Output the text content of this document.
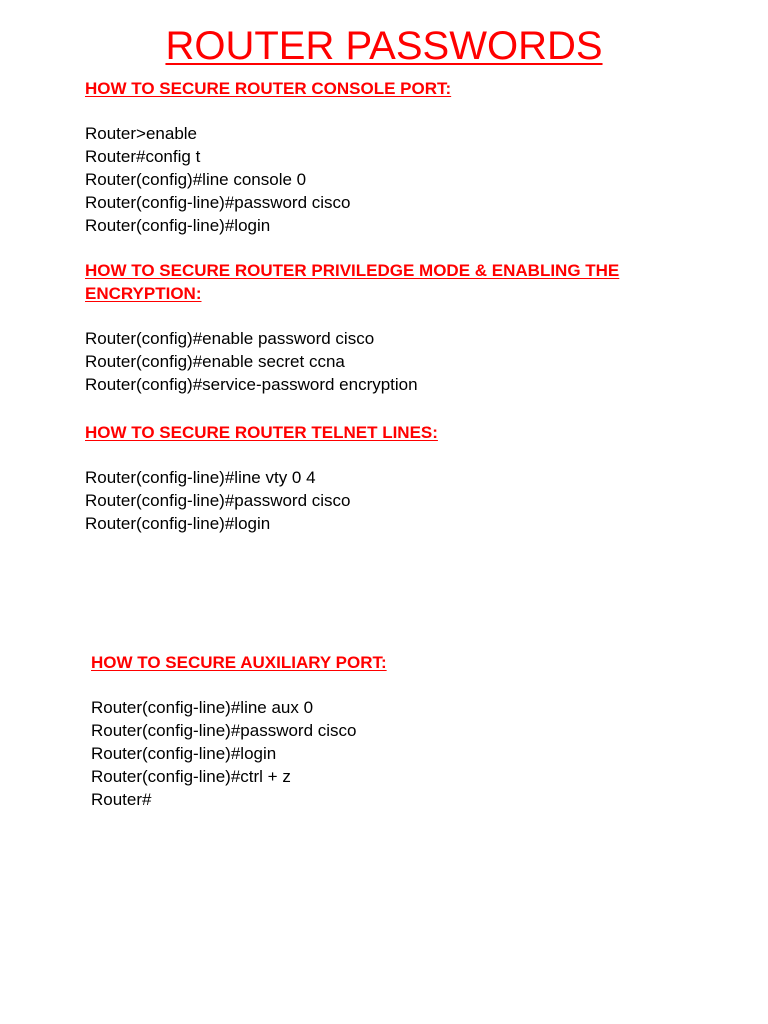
ROUTER PASSWORDS
HOW TO SECURE ROUTER CONSOLE PORT:
Router>enable
Router#config t
Router(config)#line console 0
Router(config-line)#password cisco
Router(config-line)#login
HOW TO SECURE ROUTER PRIVILEDGE MODE & ENABLING THE ENCRYPTION:
Router(config)#enable password cisco
Router(config)#enable secret ccna
Router(config)#service-password encryption
HOW TO SECURE ROUTER TELNET LINES:
Router(config-line)#line vty 0 4
Router(config-line)#password cisco
Router(config-line)#login
HOW TO SECURE AUXILIARY PORT:
Router(config-line)#line aux 0
Router(config-line)#password cisco
Router(config-line)#login
Router(config-line)#ctrl + z
Router#
